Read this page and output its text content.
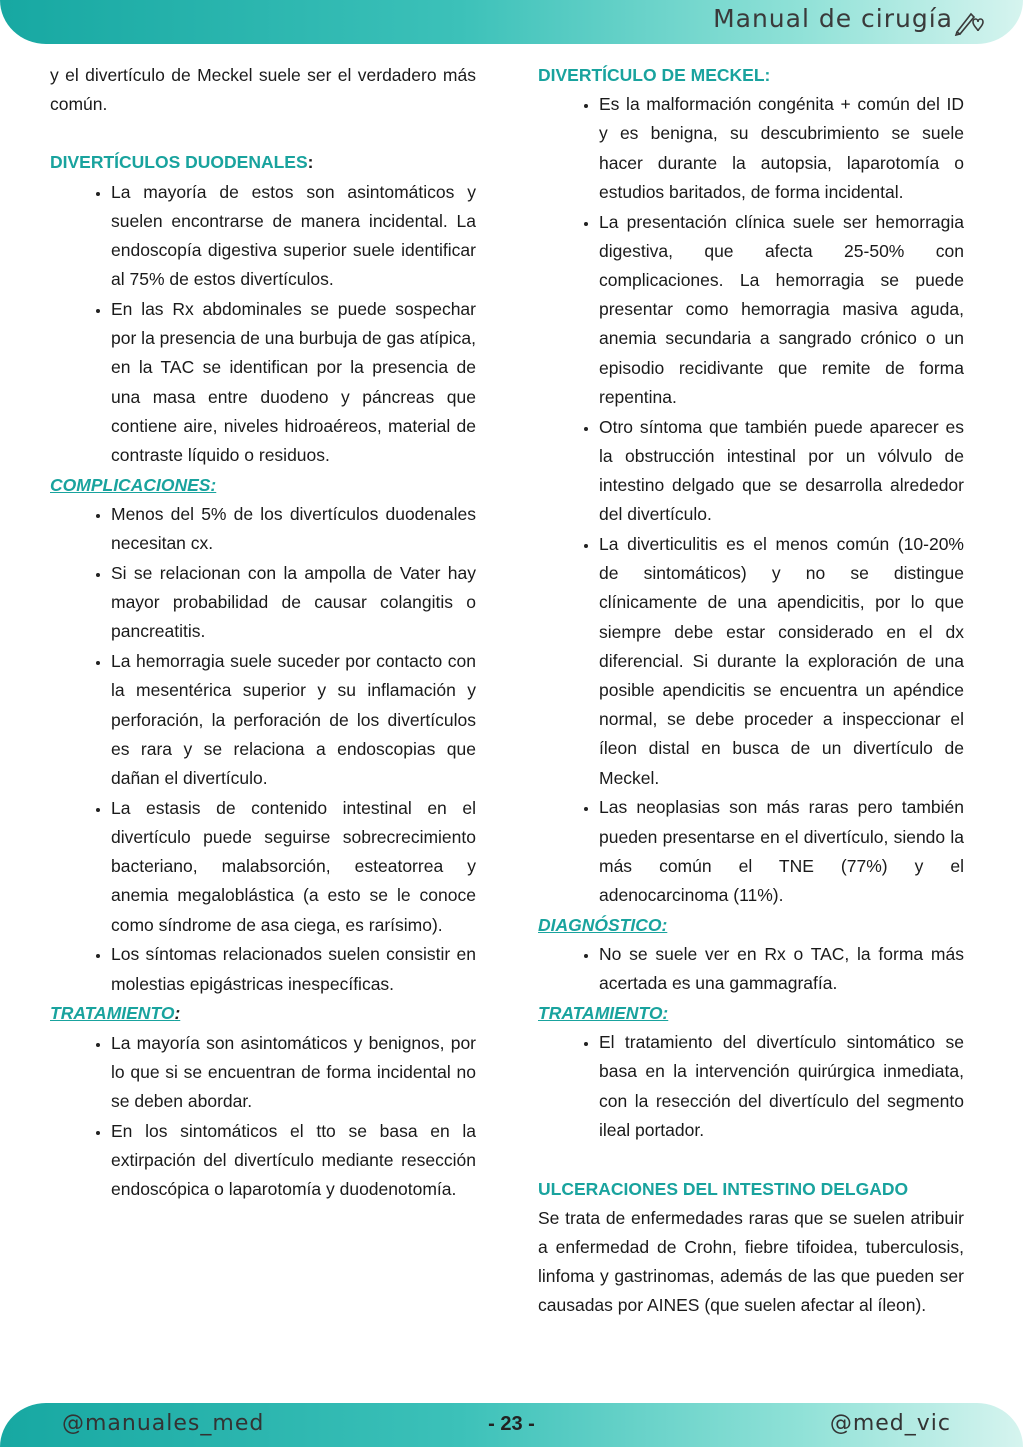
Manual de cirugía

y el divertículo de Meckel suele ser el verdadero más común.

DIVERTÍCULOS DUODENALES:

• La mayoría de estos son asintomáticos y suelen encontrarse de manera incidental. La endoscopía digestiva superior suele identificar al 75% de estos divertículos.
• En las Rx abdominales se puede sospechar por la presencia de una burbuja de gas atípica, en la TAC se identifican por la presencia de una masa entre duodeno y páncreas que contiene aire, niveles hidroaéreos, material de contraste líquido o residuos.

COMPLICACIONES:

• Menos del 5% de los divertículos duodenales necesitan cx.
• Si se relacionan con la ampolla de Vater hay mayor probabilidad de causar colangitis o pancreatitis.
• La hemorragia suele suceder por contacto con la mesentérica superior y su inflamación y perforación, la perforación de los divertículos es rara y se relaciona a endoscopias que dañan el divertículo.
• La estasis de contenido intestinal en el divertículo puede seguirse sobrecrecimiento bacteriano, malabsorción, esteatorrea y anemia megaloblástica (a esto se le conoce como síndrome de asa ciega, es rarísimo).
• Los síntomas relacionados suelen consistir en molestias epigástricas inespecíficas.

TRATAMIENTO:

• La mayoría son asintomáticos y benignos, por lo que si se encuentran de forma incidental no se deben abordar.
• En los sintomáticos el tto se basa en la extirpación del divertículo mediante resección endoscópica o laparotomía y duodenotomía.

DIVERTÍCULO DE MECKEL:

• Es la malformación congénita + común del ID y es benigna, su descubrimiento se suele hacer durante la autopsia, laparotomía o estudios baritados, de forma incidental.
• La presentación clínica suele ser hemorragia digestiva, que afecta 25-50% con complicaciones. La hemorragia se puede presentar como hemorragia masiva aguda, anemia secundaria a sangrado crónico o un episodio recidivante que remite de forma repentina.
• Otro síntoma que también puede aparecer es la obstrucción intestinal por un vólvulo de intestino delgado que se desarrolla alrededor del divertículo.
• La diverticulitis es el menos común (10-20% de sintomáticos) y no se distingue clínicamente de una apendicitis, por lo que siempre debe estar considerado en el dx diferencial. Si durante la exploración de una posible apendicitis se encuentra un apéndice normal, se debe proceder a inspeccionar el íleon distal en busca de un divertículo de Meckel.
• Las neoplasias son más raras pero también pueden presentarse en el divertículo, siendo la más común el TNE (77%) y el adenocarcinoma (11%).

DIAGNÓSTICO:

• No se suele ver en Rx o TAC, la forma más acertada es una gammagrafía.

TRATAMIENTO:

• El tratamiento del divertículo sintomático se basa en la intervención quirúrgica inmediata, con la resección del divertículo del segmento ileal portador.

ULCERACIONES DEL INTESTINO DELGADO

Se trata de enfermedades raras que se suelen atribuir a enfermedad de Crohn, fiebre tifoidea, tuberculosis, linfoma y gastrinomas, además de las que pueden ser causadas por AINES (que suelen afectar al íleon).

@manuales_med	- 23 -	@med_vic
